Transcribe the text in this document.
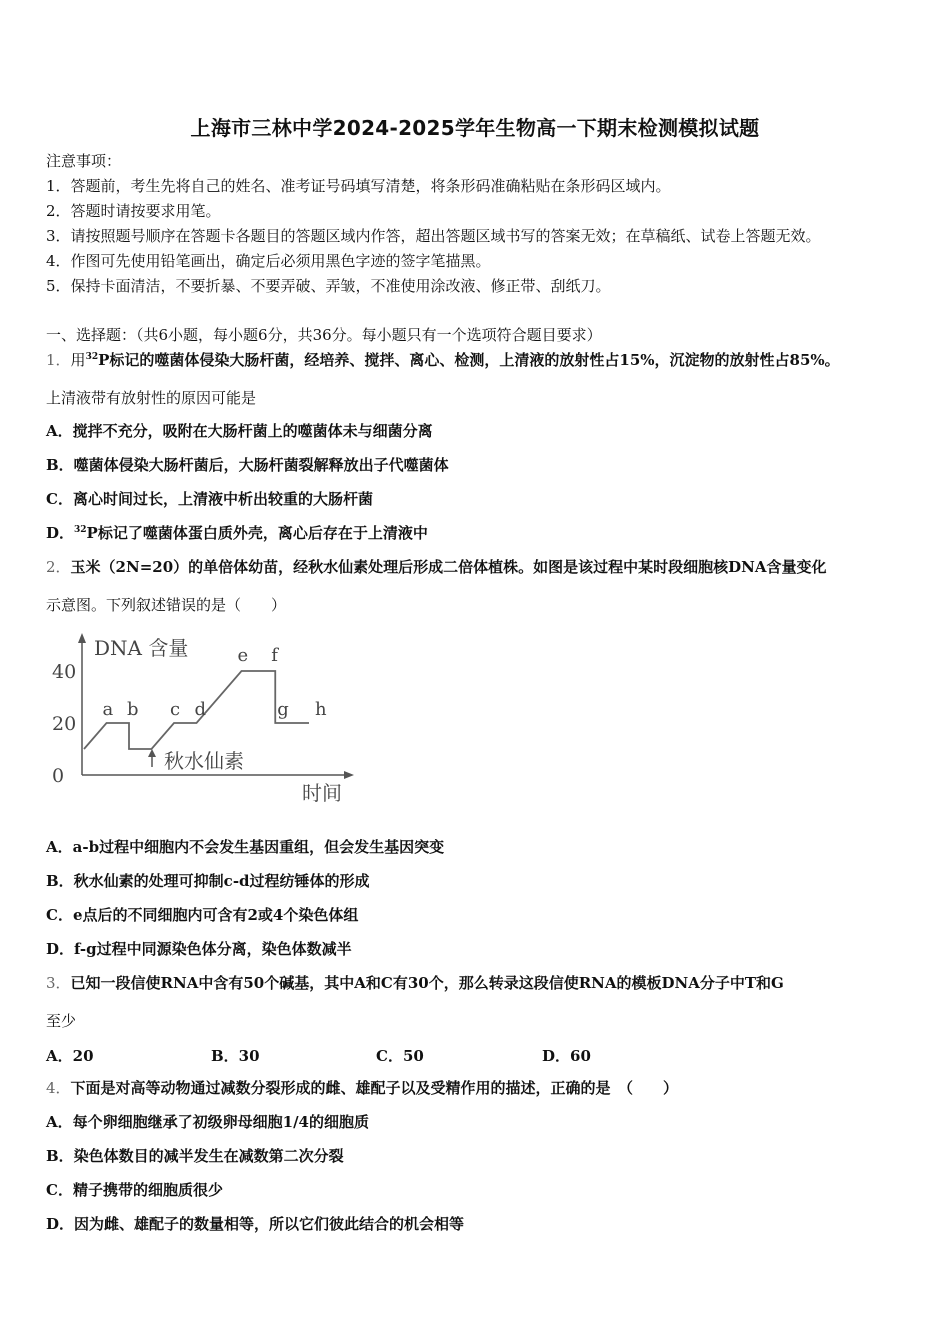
上海市三林中学2024-2025学年生物高一下期末检测模拟试题
注意事项：
1．答题前，考生先将自己的姓名、准考证号码填写清楚，将条形码准确粘贴在条形码区域内。
2．答题时请按要求用笔。
3．请按照题号顺序在答题卡各题目的答题区域内作答，超出答题区域书写的答案无效；在草稿纸、试卷上答题无效。
4．作图可先使用铅笔画出，确定后必须用黑色字迹的签字笔描黑。
5．保持卡面清洁，不要折暴、不要弄破、弄皱，不准使用涂改液、修正带、刮纸刀。
一、选择题：（共6小题，每小题6分，共36分。每小题只有一个选项符合题目要求）
1．用$^{32}$P标记的噬菌体侵染大肠杆菌，经培养、搅拌、离心、检测，上清液的放射性占15%，沉淀物的放射性占85%。
上清液带有放射性的原因可能是
A．搅拌不充分，吸附在大肠杆菌上的噬菌体未与细菌分离
B．噬菌体侵染大肠杆菌后，大肠杆菌裂解释放出子代噬菌体
C．离心时间过长，上清液中析出较重的大肠杆菌
D．$^{32}$P标记了噬菌体蛋白质外壳，离心后存在于上清液中
2．玉米（2N=20）的单倍体幼苗，经秋水仙素处理后形成二倍体植株。如图是该过程中某时段细胞核DNA含量变化
示意图。下列叙述错误的是（　　）
DNA 含量
时间
0
20
40
a b c d
e f
g h
秋水仙素
A．a-b过程中细胞内不会发生基因重组，但会发生基因突变
B．秋水仙素的处理可抑制c-d过程纺锤体的形成
C．e点后的不同细胞内可含有2或4个染色体组
D．f-g过程中同源染色体分离，染色体数减半
3．已知一段信使RNA中含有50个碱基，其中A和C有30个，那么转录这段信使RNA的模板DNA分子中T和G
至少
A．20	B．30	C．50	D．60
4．下面是对高等动物通过减数分裂形成的雌、雄配子以及受精作用的描述，正确的是　（　　）
A．每个卵细胞继承了初级卵母细胞1/4的细胞质
B．染色体数目的减半发生在减数第二次分裂
C．精子携带的细胞质很少
D．因为雌、雄配子的数量相等，所以它们彼此结合的机会相等
